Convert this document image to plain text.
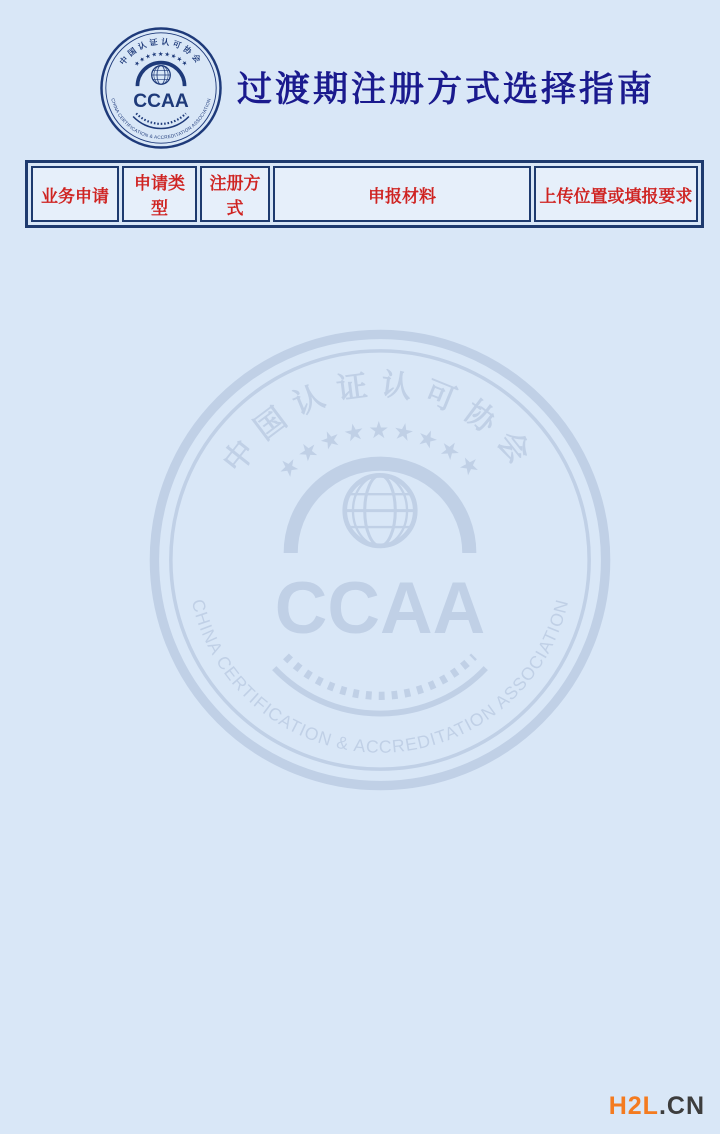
过渡期注册方式选择指南
业务申请	申请类型	注册方式	申报材料	上传位置或填报要求
H2L.CN
